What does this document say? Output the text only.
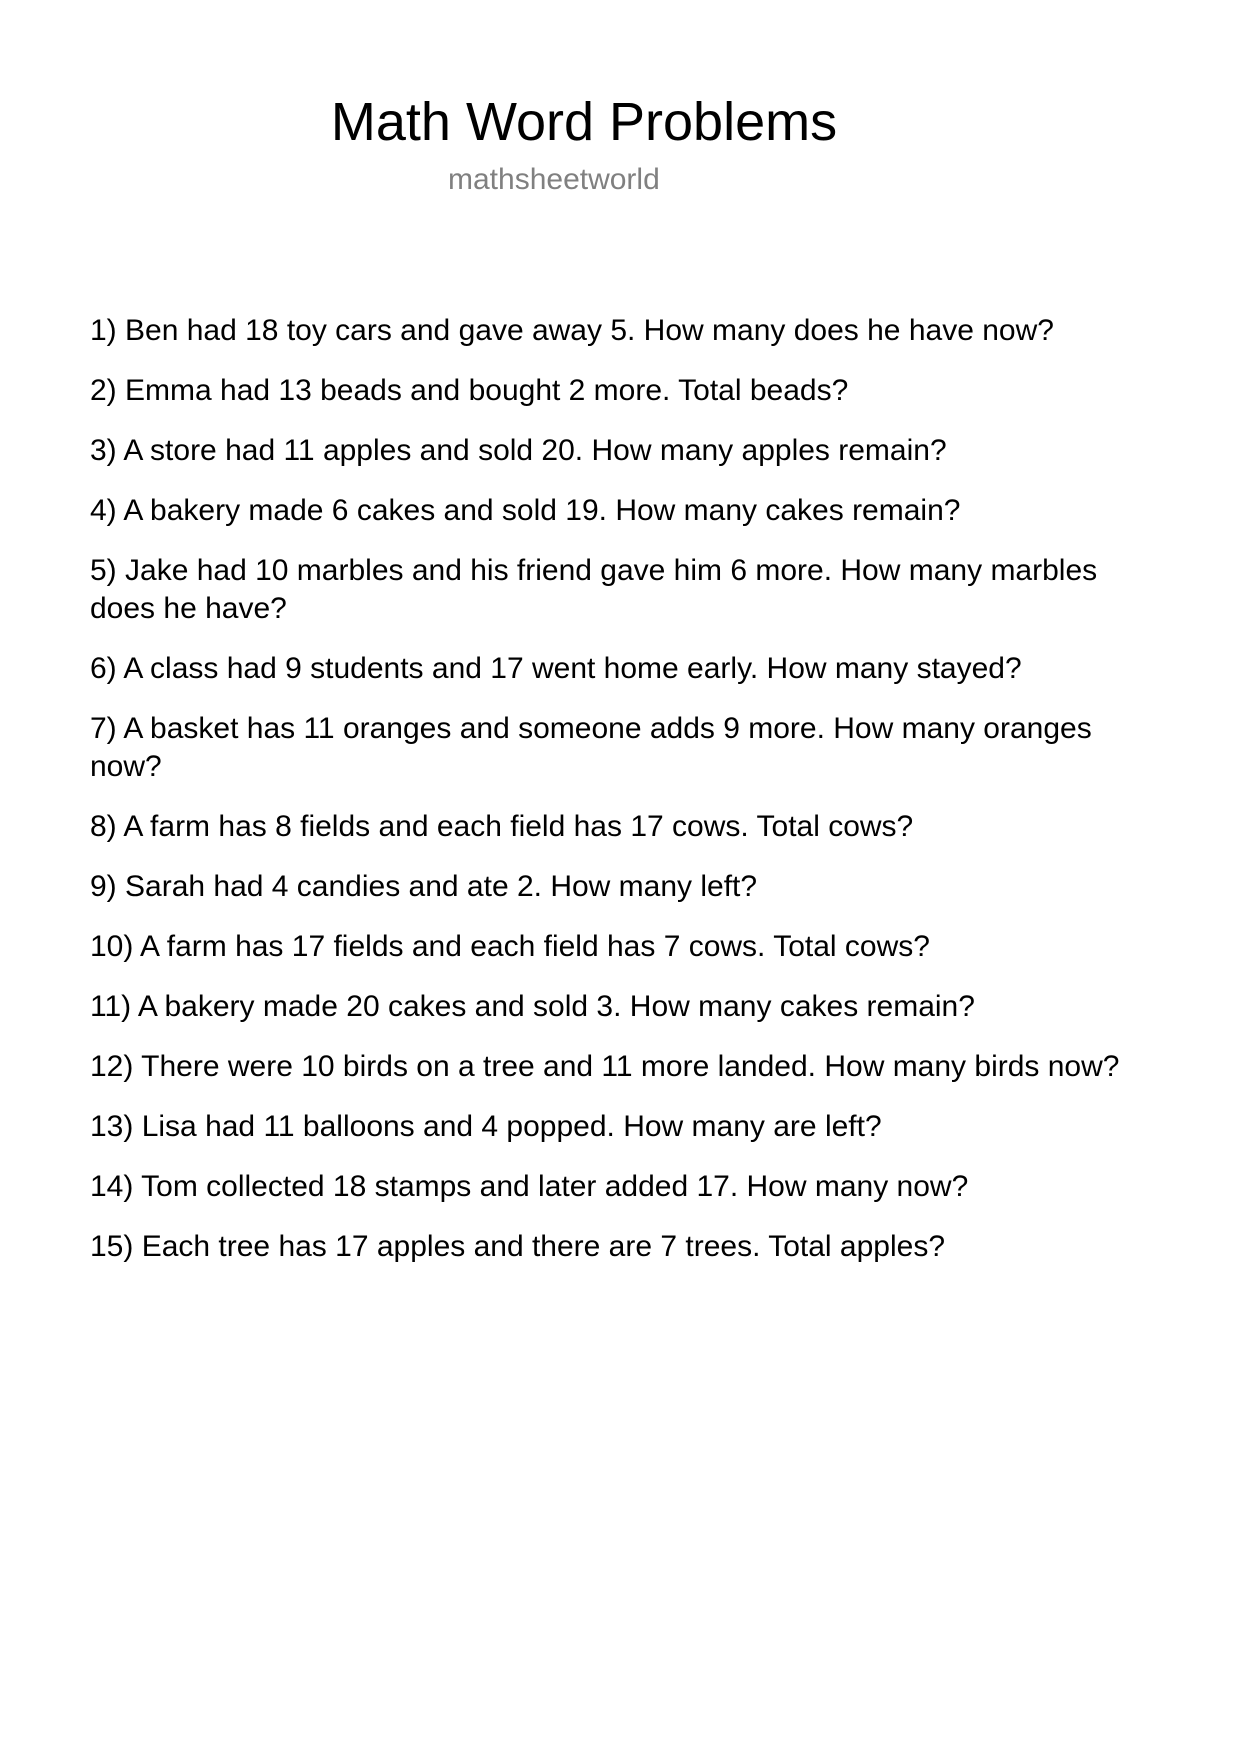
Math Word Problems
mathsheetworld
1) Ben had 18 toy cars and gave away 5. How many does he have now?
2) Emma had 13 beads and bought 2 more. Total beads?
3) A store had 11 apples and sold 20. How many apples remain?
4) A bakery made 6 cakes and sold 19. How many cakes remain?
5) Jake had 10 marbles and his friend gave him 6 more. How many marbles does he have?
6) A class had 9 students and 17 went home early. How many stayed?
7) A basket has 11 oranges and someone adds 9 more. How many oranges now?
8) A farm has 8 fields and each field has 17 cows. Total cows?
9) Sarah had 4 candies and ate 2. How many left?
10) A farm has 17 fields and each field has 7 cows. Total cows?
11) A bakery made 20 cakes and sold 3. How many cakes remain?
12) There were 10 birds on a tree and 11 more landed. How many birds now?
13) Lisa had 11 balloons and 4 popped. How many are left?
14) Tom collected 18 stamps and later added 17. How many now?
15) Each tree has 17 apples and there are 7 trees. Total apples?
